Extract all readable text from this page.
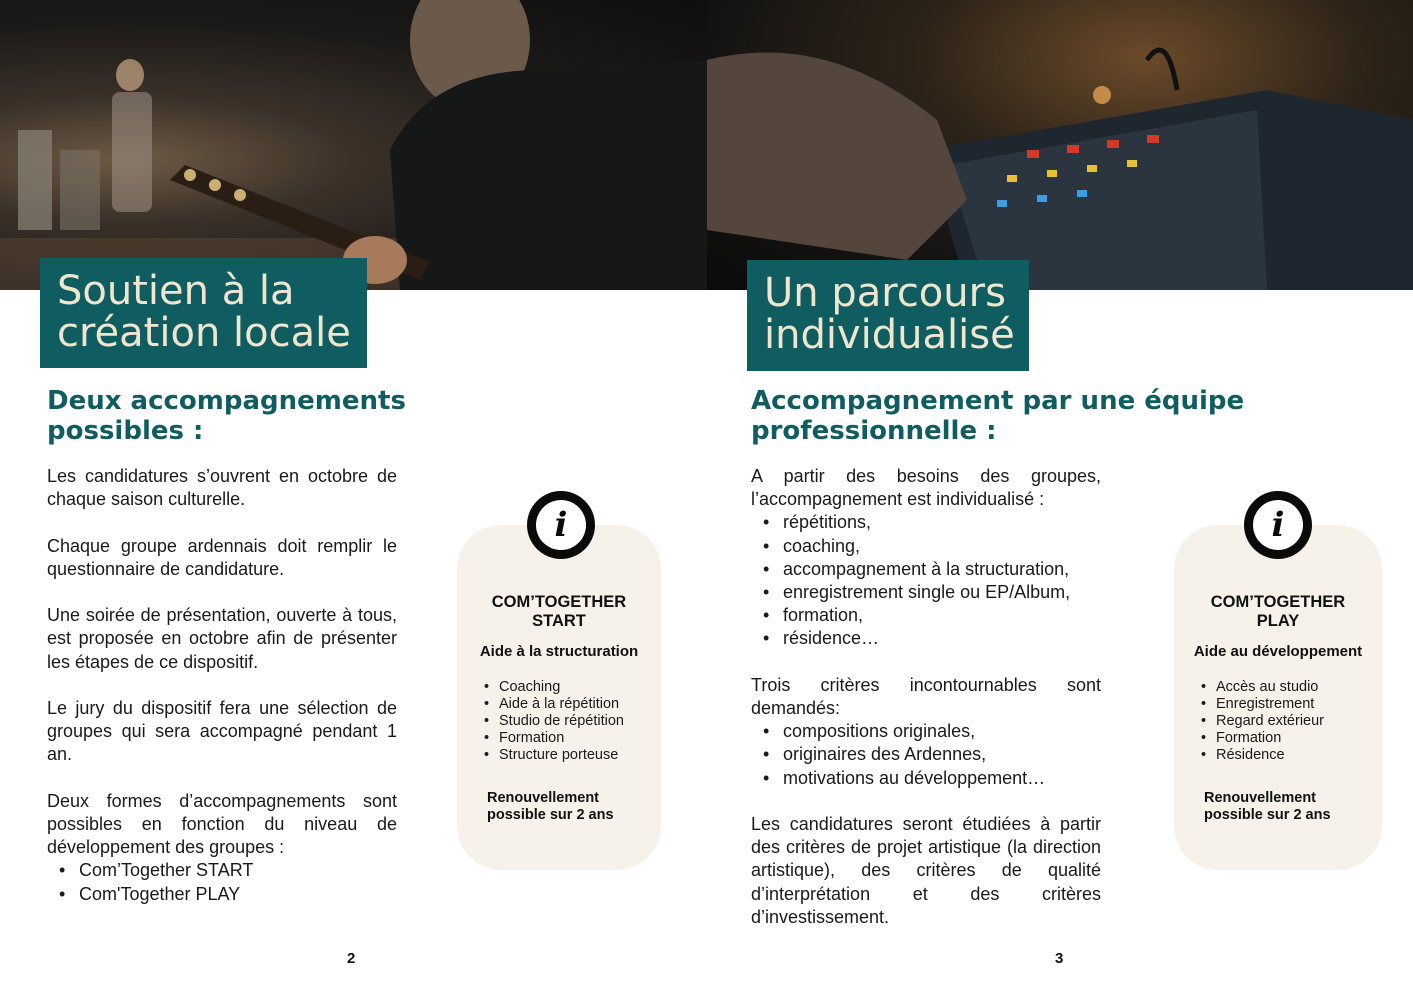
Soutien à la
création locale
Deux accompagnements
possibles :

Les candidatures s’ouvrent en octobre de chaque saison culturelle.

Chaque groupe ardennais doit remplir le questionnaire de candidature.

Une soirée de présentation, ouverte à tous, est proposée en octobre afin de présenter les étapes de ce dispositif.

Le jury du dispositif fera une sélection de groupes qui sera accompagné pendant 1 an.

Deux formes d’accompagnements sont possibles en fonction du niveau de développement des groupes :

• Com’Together START
• Com'Together PLAY
COM’TOGETHER
START
Aide à la structuration
• Coaching
• Aide à la répétition
• Studio de répétition
• Formation
• Structure porteuse
Renouvellement
possible sur 2 ans
i
2
Un parcours
individualisé
Accompagnement par une équipe
professionnelle :

A partir des besoins des groupes, l’accompagnement est individualisé :

• répétitions,
• coaching,
• accompagnement à la structuration,
• enregistrement single ou EP/Album,
• formation,
• résidence…

Trois critères incontournables sont demandés:

• compositions originales,
• originaires des Ardennes,
• motivations au développement…

Les candidatures seront étudiées à partir des critères de projet artistique (la direction artistique), des critères de qualité d’interprétation et des critères d’investissement.

COM’TOGETHER
PLAY
Aide au développement
• Accès au studio
• Enregistrement
• Regard extérieur
• Formation
• Résidence
Renouvellement
possible sur 2 ans
i
3
